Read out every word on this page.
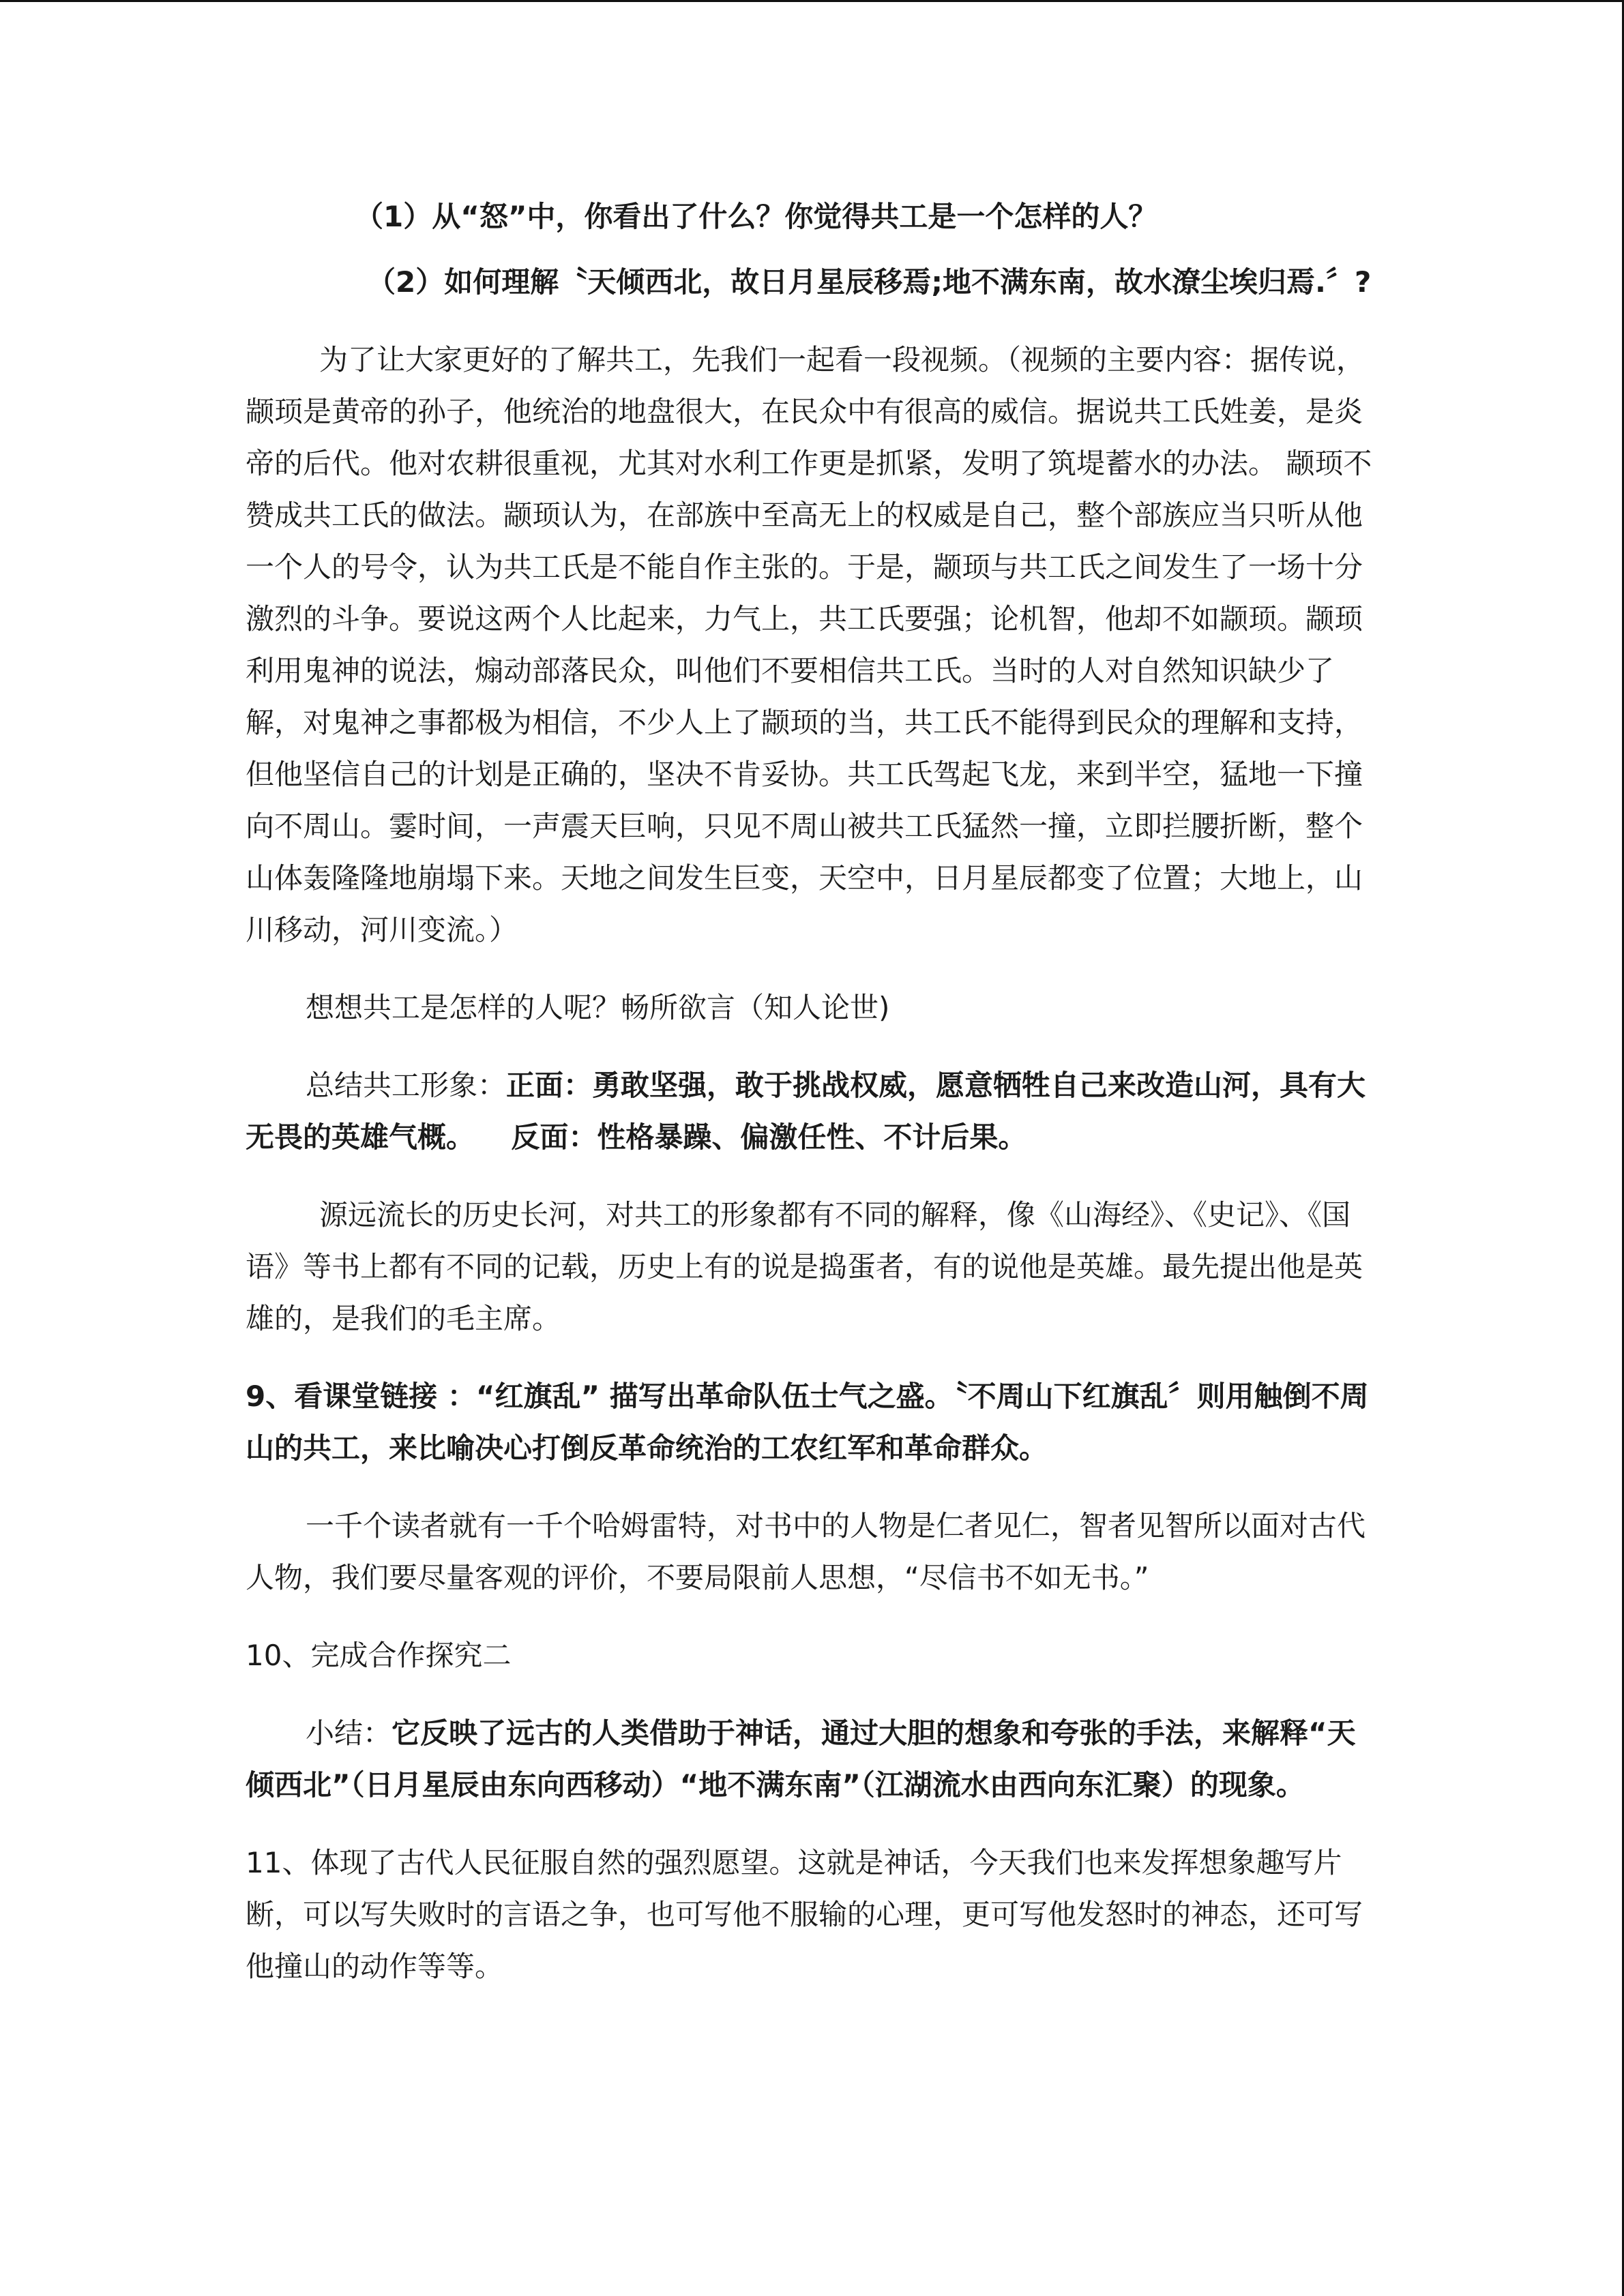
（1）从“怒”中，你看出了什么？你觉得共工是一个怎样的人？

（2）如何理解〝天倾西北，故日月星辰移焉;地不满东南，故水潦尘埃归焉.〞?

为了让大家更好的了解共工，先我们一起看一段视频。（视频的主要内容：据传说，颛顼是黄帝的孙子，他统治的地盘很大，在民众中有很高的威信。据说共工氏姓姜，是炎帝的后代。他对农耕很重视，尤其对水利工作更是抓紧，发明了筑堤蓄水的办法。 颛顼不赞成共工氏的做法。颛顼认为，在部族中至高无上的权威是自己，整个部族应当只听从他一个人的号令，认为共工氏是不能自作主张的。于是，颛顼与共工氏之间发生了一场十分激烈的斗争。要说这两个人比起来，力气上，共工氏要强；论机智，他却不如颛顼。颛顼利用鬼神的说法，煽动部落民众，叫他们不要相信共工氏。当时的人对自然知识缺少了解，对鬼神之事都极为相信，不少人上了颛顼的当，共工氏不能得到民众的理解和支持，但他坚信自己的计划是正确的，坚决不肯妥协。共工氏驾起飞龙，来到半空，猛地一下撞向不周山。霎时间，一声震天巨响，只见不周山被共工氏猛然一撞，立即拦腰折断，整个山体轰隆隆地崩塌下来。天地之间发生巨变，天空中，日月星辰都变了位置；大地上，山川移动，河川变流。）

想想共工是怎样的人呢？畅所欲言（知人论世)

总结共工形象：正面：勇敢坚强，敢于挑战权威，愿意牺牲自己来改造山河，具有大无畏的英雄气概。 反面：性格暴躁、偏激任性、不计后果。

源远流长的历史长河，对共工的形象都有不同的解释，像《山海经》、《史记》、《国语》等书上都有不同的记载，历史上有的说是捣蛋者，有的说他是英雄。最先提出他是英雄的，是我们的毛主席。

9、看课堂链接 ：“红旗乱” 描写出革命队伍士气之盛。〝不周山下红旗乱〞则用触倒不周山的共工，来比喻决心打倒反革命统治的工农红军和革命群众。

一千个读者就有一千个哈姆雷特，对书中的人物是仁者见仁，智者见智所以面对古代人物，我们要尽量客观的评价，不要局限前人思想，“尽信书不如无书。”

10、完成合作探究二

小结：它反映了远古的人类借助于神话，通过大胆的想象和夸张的手法，来解释“天倾西北”（日月星辰由东向西移动）“地不满东南”（江湖流水由西向东汇聚）的现象。

11、体现了古代人民征服自然的强烈愿望。这就是神话，今天我们也来发挥想象趣写片断，可以写失败时的言语之争，也可写他不服输的心理，更可写他发怒时的神态，还可写他撞山的动作等等。
